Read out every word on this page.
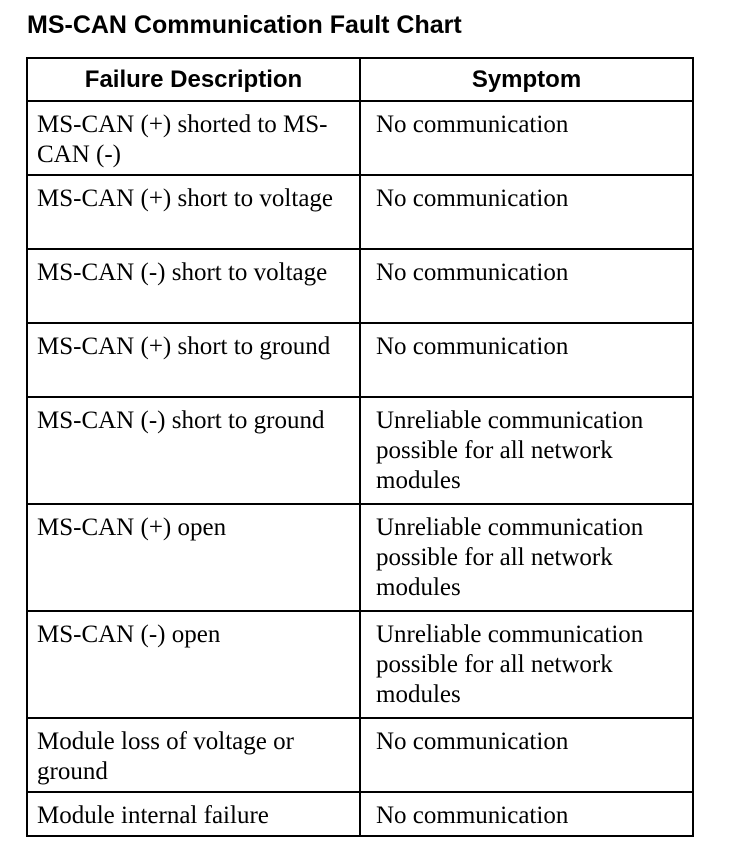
MS-CAN Communication Fault Chart
Failure Description	Symptom
MS-CAN (+) shorted to MS-CAN (-)	No communication
MS-CAN (+) short to voltage	No communication
MS-CAN (-) short to voltage	No communication
MS-CAN (+) short to ground	No communication
MS-CAN (-) short to ground	Unreliable communication possible for all network modules
MS-CAN (+) open	Unreliable communication possible for all network modules
MS-CAN (-) open	Unreliable communication possible for all network modules
Module loss of voltage or ground	No communication
Module internal failure	No communication
